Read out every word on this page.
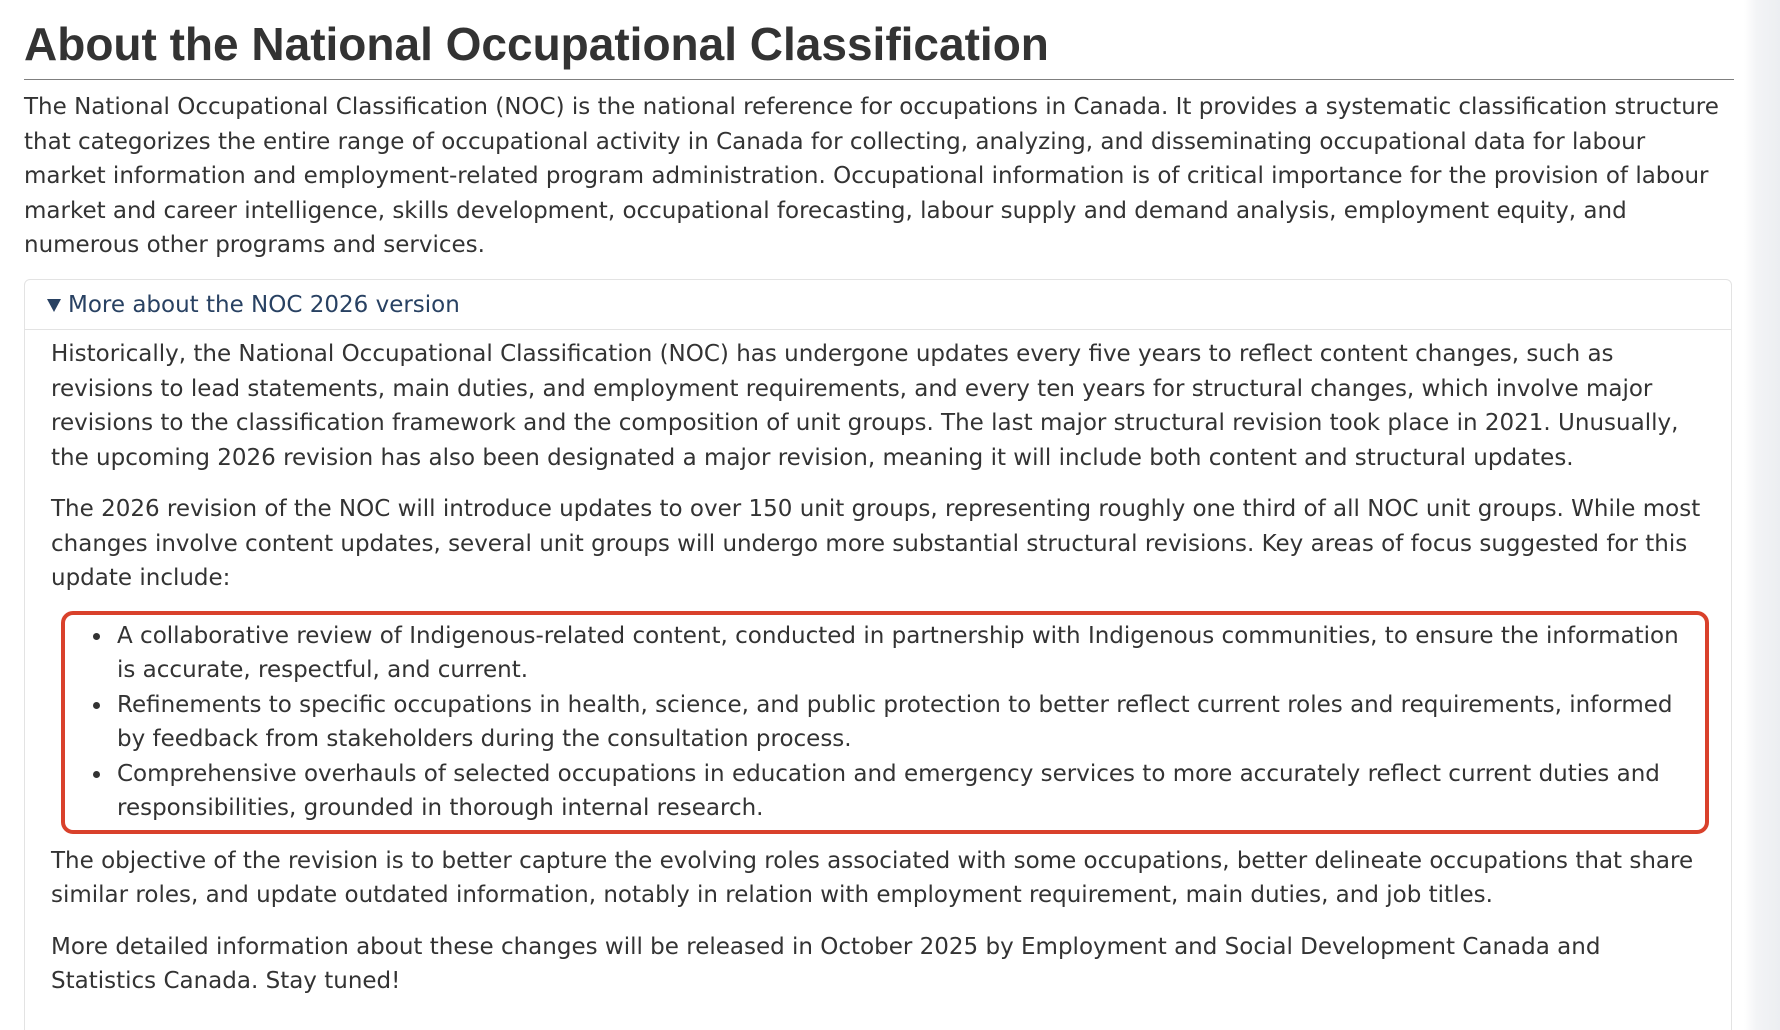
About the National Occupational Classification

The National Occupational Classification (NOC) is the national reference for occupations in Canada. It provides a systematic classification structure that categorizes the entire range of occupational activity in Canada for collecting, analyzing, and disseminating occupational data for labour market information and employment-related program administration. Occupational information is of critical importance for the provision of labour market and career intelligence, skills development, occupational forecasting, labour supply and demand analysis, employment equity, and numerous other programs and services.

More about the NOC 2026 version

Historically, the National Occupational Classification (NOC) has undergone updates every five years to reflect content changes, such as revisions to lead statements, main duties, and employment requirements, and every ten years for structural changes, which involve major revisions to the classification framework and the composition of unit groups. The last major structural revision took place in 2021. Unusually, the upcoming 2026 revision has also been designated a major revision, meaning it will include both content and structural updates.

The 2026 revision of the NOC will introduce updates to over 150 unit groups, representing roughly one third of all NOC unit groups. While most changes involve content updates, several unit groups will undergo more substantial structural revisions. Key areas of focus suggested for this update include:

• A collaborative review of Indigenous-related content, conducted in partnership with Indigenous communities, to ensure the information is accurate, respectful, and current.
• Refinements to specific occupations in health, science, and public protection to better reflect current roles and requirements, informed by feedback from stakeholders during the consultation process.
• Comprehensive overhauls of selected occupations in education and emergency services to more accurately reflect current duties and responsibilities, grounded in thorough internal research.

The objective of the revision is to better capture the evolving roles associated with some occupations, better delineate occupations that share similar roles, and update outdated information, notably in relation with employment requirement, main duties, and job titles.

More detailed information about these changes will be released in October 2025 by Employment and Social Development Canada and Statistics Canada. Stay tuned!
